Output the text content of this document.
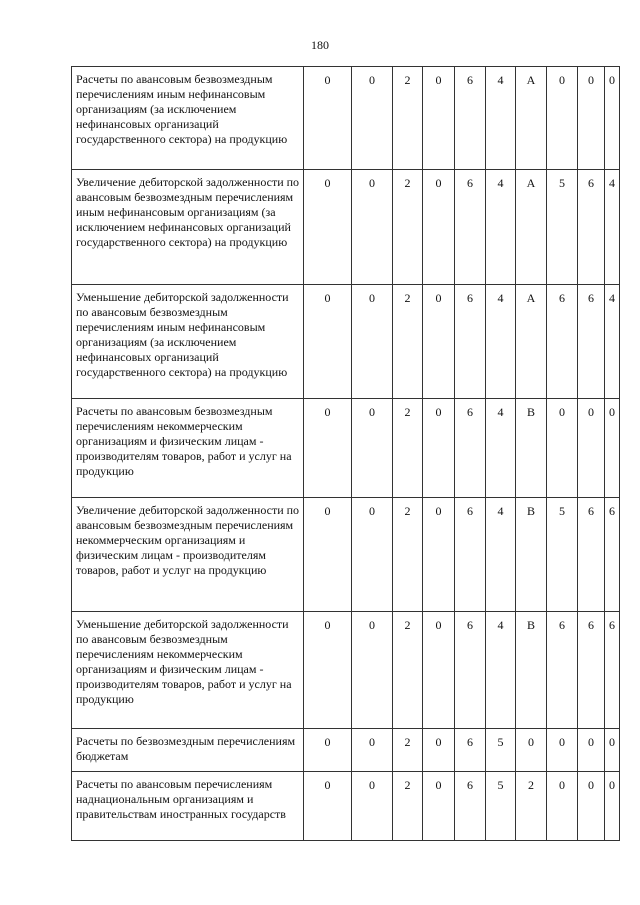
180
Расчеты по авансовым безвозмездным перечислениям иным нефинансовым организациям (за исключением нефинансовых организаций государственного сектора) на продукцию	0	0	2	0	6	4	А	0	0	0
Увеличение дебиторской задолженности по авансовым безвозмездным перечислениям иным нефинансовым организациям (за исключением нефинансовых организаций государственного сектора) на продукцию	0	0	2	0	6	4	А	5	6	4
Уменьшение дебиторской задолженности по авансовым безвозмездным перечислениям иным нефинансовым организациям (за исключением нефинансовых организаций государственного сектора) на продукцию	0	0	2	0	6	4	А	6	6	4
Расчеты по авансовым безвозмездным перечислениям некоммерческим организациям и физическим лицам - производителям товаров, работ и услуг на продукцию	0	0	2	0	6	4	В	0	0	0
Увеличение дебиторской задолженности по авансовым безвозмездным перечислениям некоммерческим организациям и физическим лицам - производителям товаров, работ и услуг на продукцию	0	0	2	0	6	4	В	5	6	6
Уменьшение дебиторской задолженности по авансовым безвозмездным перечислениям некоммерческим организациям и физическим лицам - производителям товаров, работ и услуг на продукцию	0	0	2	0	6	4	В	6	6	6
Расчеты по безвозмездным перечислениям бюджетам	0	0	2	0	6	5	0	0	0	0
Расчеты по авансовым перечислениям наднациональным организациям и правительствам иностранных государств	0	0	2	0	6	5	2	0	0	0
